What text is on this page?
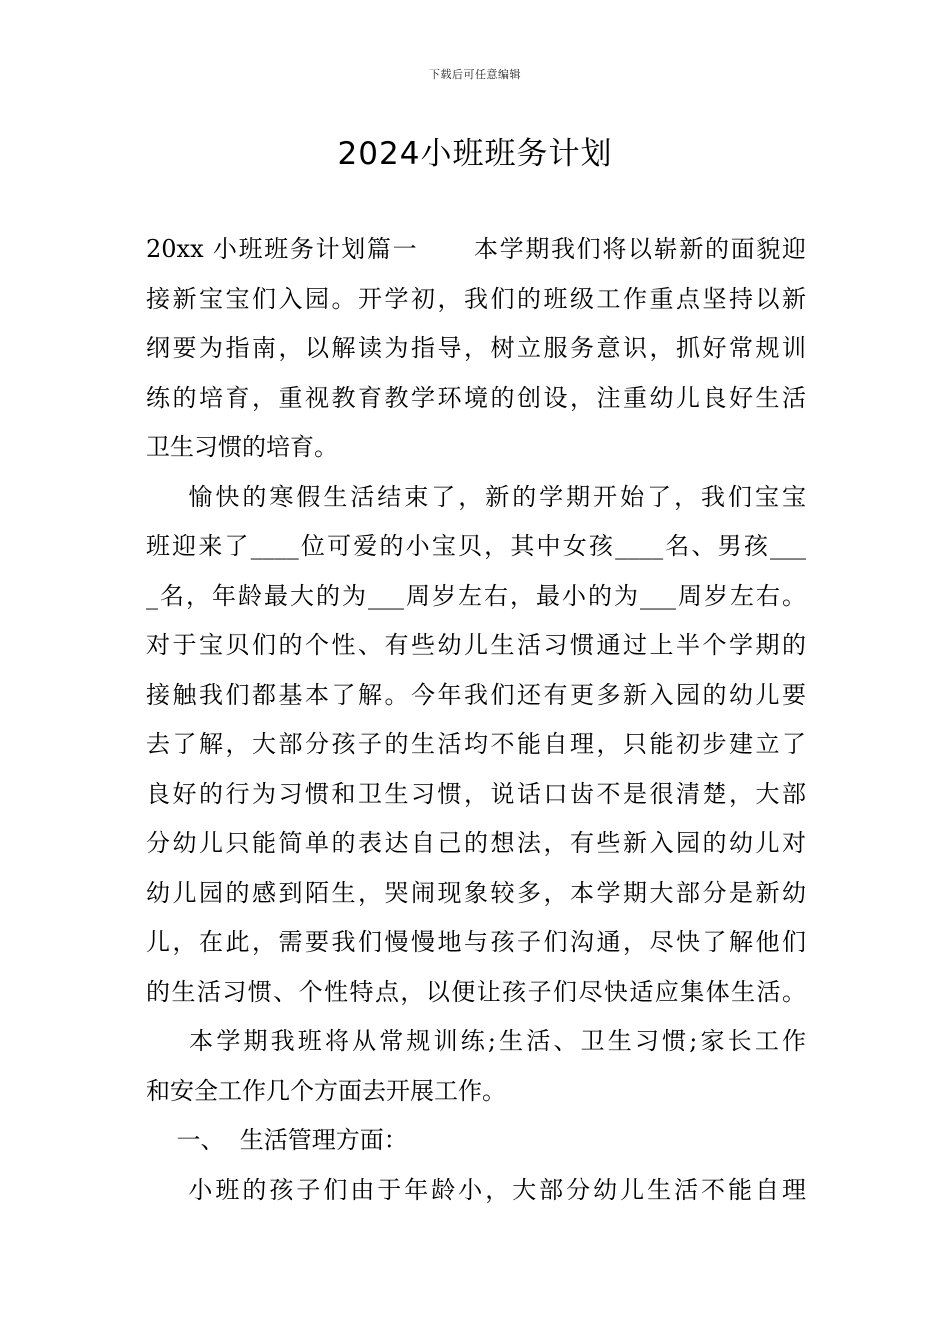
下载后可任意编辑
2024小班班务计划
20xx 小班班务计划篇一      本学期我们将以崭新的面貌迎
接新宝宝们入园。开学初，我们的班级工作重点坚持以新
纲要为指南，以解读为指导，树立服务意识，抓好常规训
练的培育，重视教育教学环境的创设，注重幼儿良好生活
卫生习惯的培育。
愉快的寒假生活结束了，新的学期开始了，我们宝宝
班迎来了____位可爱的小宝贝，其中女孩____名、男孩___
_名，年龄最大的为___周岁左右，最小的为___周岁左右。
对于宝贝们的个性、有些幼儿生活习惯通过上半个学期的
接触我们都基本了解。今年我们还有更多新入园的幼儿要
去了解，大部分孩子的生活均不能自理，只能初步建立了
良好的行为习惯和卫生习惯，说话口齿不是很清楚，大部
分幼儿只能简单的表达自己的想法，有些新入园的幼儿对
幼儿园的感到陌生，哭闹现象较多，本学期大部分是新幼
儿，在此，需要我们慢慢地与孩子们沟通，尽快了解他们
的生活习惯、个性特点，以便让孩子们尽快适应集体生活。
本学期我班将从常规训练;生活、卫生习惯;家长工作
和安全工作几个方面去开展工作。
一、  生活管理方面：
小班的孩子们由于年龄小，大部分幼儿生活不能自理
